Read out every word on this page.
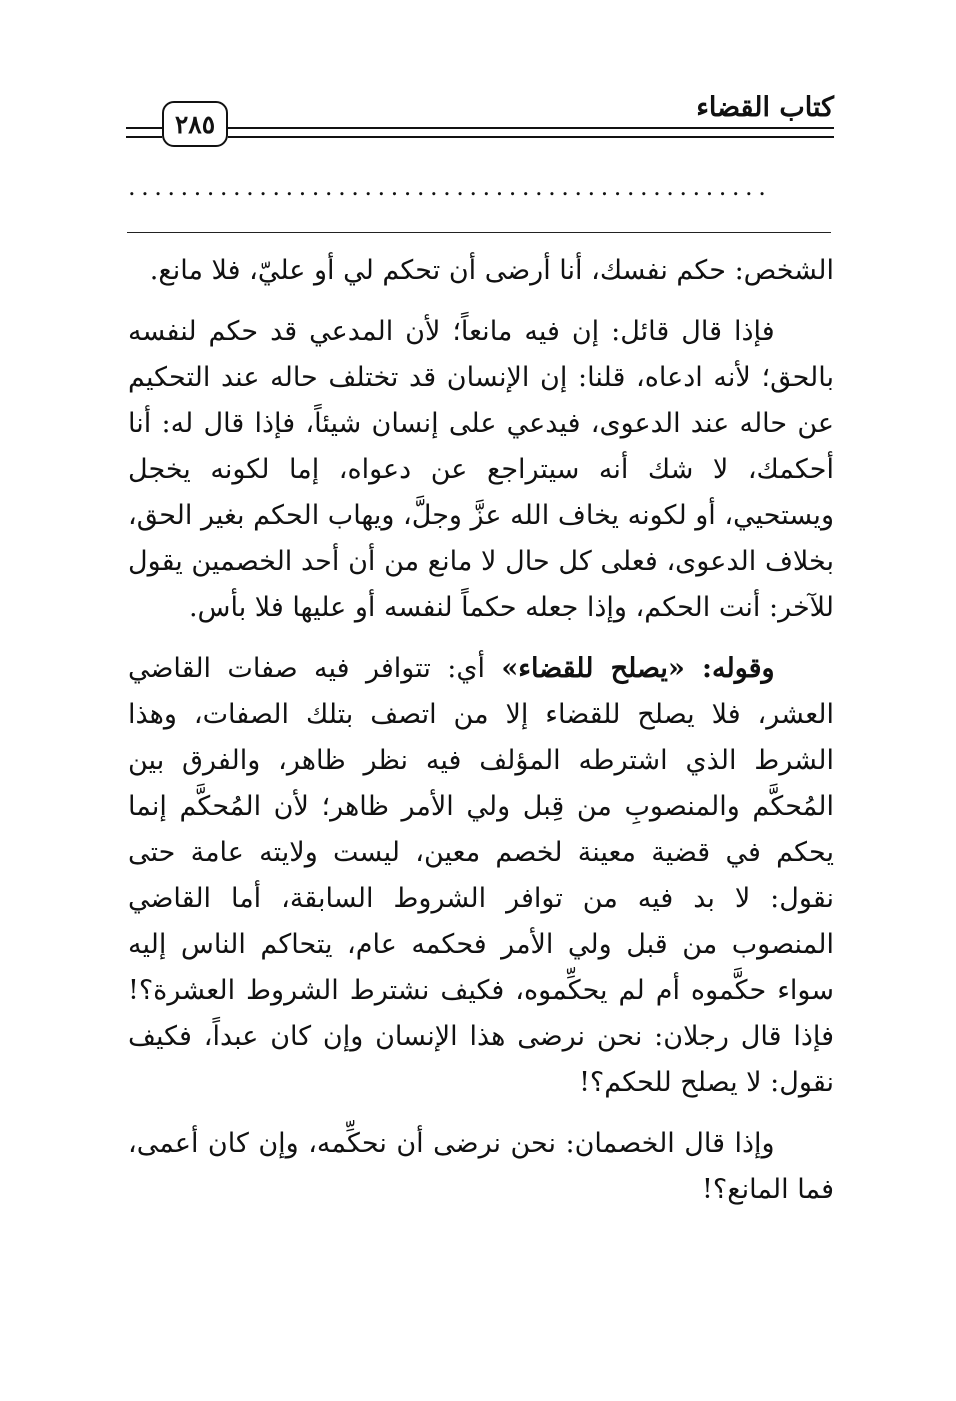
كتاب القضاء
٢٨٥
.................................................

الشخص: حكم نفسك، أنا أرضى أن تحكم لي أو عليّ، فلا مانع.

فإذا قال قائل: إن فيه مانعاً؛ لأن المدعي قد حكم لنفسه بالحق؛ لأنه ادعاه، قلنا: إن الإنسان قد تختلف حاله عند التحكيم عن حاله عند الدعوى، فيدعي على إنسان شيئاً، فإذا قال له: أنا أحكمك، لا شك أنه سيتراجع عن دعواه، إما لكونه يخجل ويستحيي، أو لكونه يخاف الله عزَّ وجلَّ، ويهاب الحكم بغير الحق، بخلاف الدعوى، فعلى كل حال لا مانع من أن أحد الخصمين يقول للآخر: أنت الحكم، وإذا جعله حكماً لنفسه أو عليها فلا بأس.

وقوله: «يصلح للقضاء» أي: تتوافر فيه صفات القاضي العشر، فلا يصلح للقضاء إلا من اتصف بتلك الصفات، وهذا الشرط الذي اشترطه المؤلف فيه نظر ظاهر، والفرق بين المُحكَّم والمنصوبِ من قِبل ولي الأمر ظاهر؛ لأن المُحكَّم إنما يحكم في قضية معينة لخصم معين، ليست ولايته عامة حتى نقول: لا بد فيه من توافر الشروط السابقة، أما القاضي المنصوب من قبل ولي الأمر فحكمه عام، يتحاكم الناس إليه سواء حكَّموه أم لم يحكِّموه، فكيف نشترط الشروط العشرة؟! فإذا قال رجلان: نحن نرضى هذا الإنسان وإن كان عبداً، فكيف نقول: لا يصلح للحكم؟!

وإذا قال الخصمان: نحن نرضى أن نحكِّمه، وإن كان أعمى، فما المانع؟!
